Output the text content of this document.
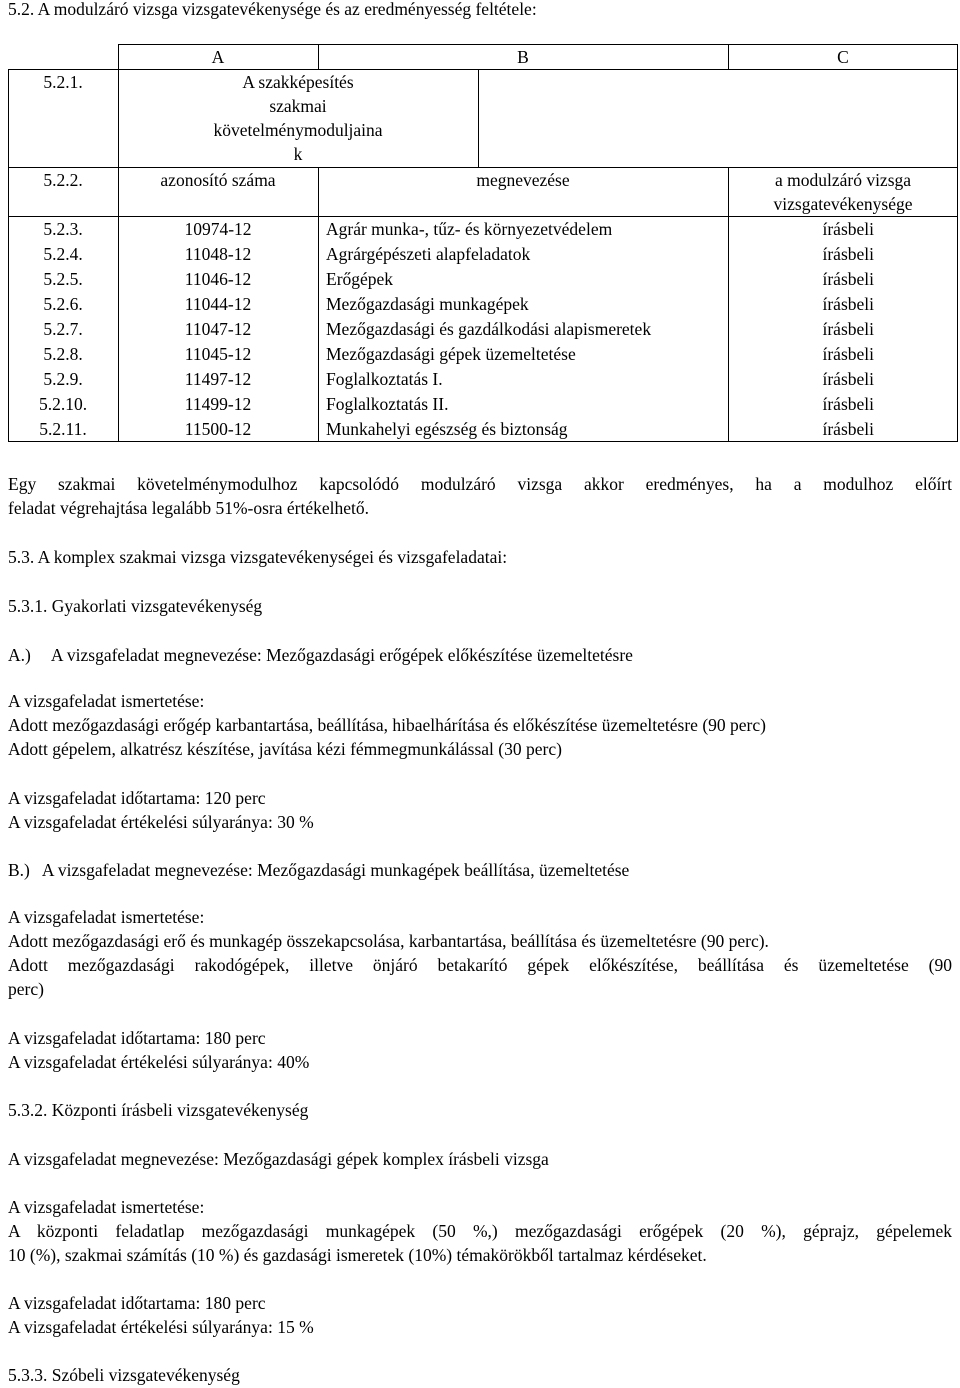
5.2. A modulzáró vizsga vizsgatevékenysége és az eredményesség feltétele:
A	B	C
5.2.1.	A szakképesítés
szakmai
követelménymoduljaina
k
5.2.2.	azonosító száma	megnevezése	a modulzáró vizsga
vizsgatevékenysége
5.2.3.	10974-12	Agrár munka-, tűz- és környezetvédelem	írásbeli
5.2.4.	11048-12	Agrárgépészeti alapfeladatok	írásbeli
5.2.5.	11046-12	Erőgépek	írásbeli
5.2.6.	11044-12	Mezőgazdasági munkagépek	írásbeli
5.2.7.	11047-12	Mezőgazdasági és gazdálkodási alapismeretek	írásbeli
5.2.8.	11045-12	Mezőgazdasági gépek üzemeltetése	írásbeli
5.2.9.	11497-12	Foglalkoztatás I.	írásbeli
5.2.10.	11499-12	Foglalkoztatás II.	írásbeli
5.2.11.	11500-12	Munkahelyi egészség és biztonság	írásbeli
Egy szakmai követelménymodulhoz kapcsolódó modulzáró vizsga akkor eredményes, ha a modulhoz előírt
feladat végrehajtása legalább 51%-osra értékelhető.
5.3. A komplex szakmai vizsga vizsgatevékenységei és vizsgafeladatai:
5.3.1. Gyakorlati vizsgatevékenység
A.) A vizsgafeladat megnevezése: Mezőgazdasági erőgépek előkészítése üzemeltetésre
A vizsgafeladat ismertetése:
Adott mezőgazdasági erőgép karbantartása, beállítása, hibaelhárítása és előkészítése üzemeltetésre (90 perc)
Adott gépelem, alkatrész készítése, javítása kézi fémmegmunkálással (30 perc)
A vizsgafeladat időtartama: 120 perc
A vizsgafeladat értékelési súlyaránya: 30 %
B.) A vizsgafeladat megnevezése: Mezőgazdasági munkagépek beállítása, üzemeltetése
A vizsgafeladat ismertetése:
Adott mezőgazdasági erő és munkagép összekapcsolása, karbantartása, beállítása és üzemeltetésre (90 perc).
Adott mezőgazdasági rakodógépek, illetve önjáró betakarító gépek előkészítése, beállítása és üzemeltetése (90
perc)
A vizsgafeladat időtartama: 180 perc
A vizsgafeladat értékelési súlyaránya: 40%
5.3.2. Központi írásbeli vizsgatevékenység
A vizsgafeladat megnevezése: Mezőgazdasági gépek komplex írásbeli vizsga
A vizsgafeladat ismertetése:
A központi feladatlap mezőgazdasági munkagépek (50 %,) mezőgazdasági erőgépek (20 %), géprajz, gépelemek
10 (%), szakmai számítás (10 %) és gazdasági ismeretek (10%) témakörökből tartalmaz kérdéseket.
A vizsgafeladat időtartama: 180 perc
A vizsgafeladat értékelési súlyaránya: 15 %
5.3.3. Szóbeli vizsgatevékenység
